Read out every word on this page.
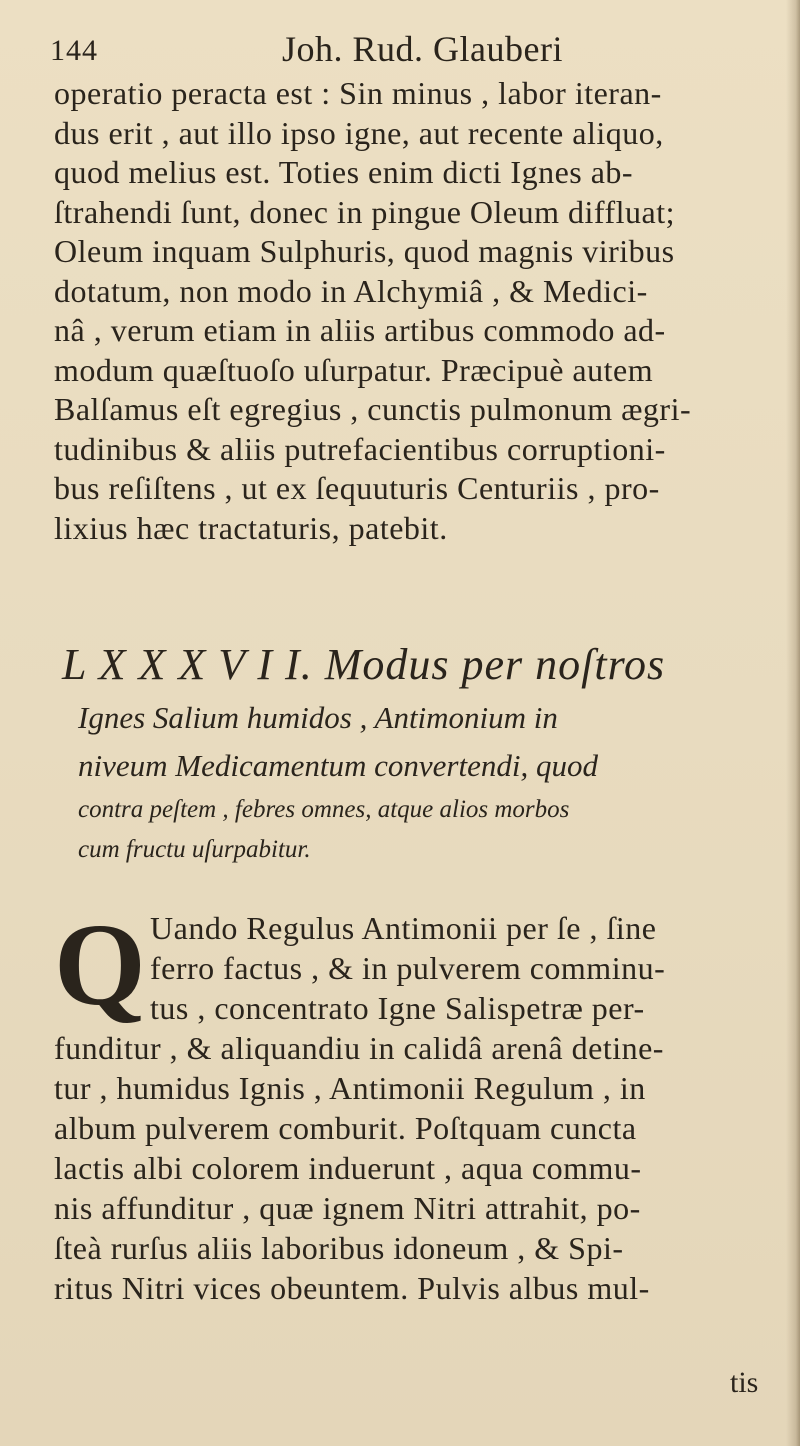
144	Joh. Rud. Glauberi
operatio peracta est : Sin minus , labor iteran-
dus erit , aut illo ipso igne, aut recente aliquo,
quod melius est. Toties enim dicti Ignes ab-
ſtrahendi ſunt, donec in pingue Oleum diffluat;
Oleum inquam Sulphuris, quod magnis viribus
dotatum, non modo in Alchymiâ , & Medici-
nâ , verum etiam in aliis artibus commodo ad-
modum quæſtuoſo uſurpatur. Præcipuè autem
Balſamus eſt egregius , cunctis pulmonum ægri-
tudinibus & aliis putrefacientibus corruptioni-
bus reſiſtens , ut ex ſequuturis Centuriis , pro-
lixius hæc tractaturis, patebit.
L X X X V I I. Modus per noſtros
Ignes Salium humidos , Antimonium in
niveum Medicamentum convertendi, quod
contra peſtem , febres omnes, atque alios morbos
cum fructu uſurpabitur.
Q Uando Regulus Antimonii per ſe , ſine
ferro factus , & in pulverem comminu-
tus , concentrato Igne Salispetræ per-
funditur , & aliquandiu in calidâ arenâ detine-
tur , humidus Ignis , Antimonii Regulum , in
album pulverem comburit. Poſtquam cuncta
lactis albi colorem induerunt , aqua commu-
nis affunditur , quæ ignem Nitri attrahit, po-
ſteà rurſus aliis laboribus idoneum , & Spi-
ritus Nitri vices obeuntem. Pulvis albus mul-
tis
